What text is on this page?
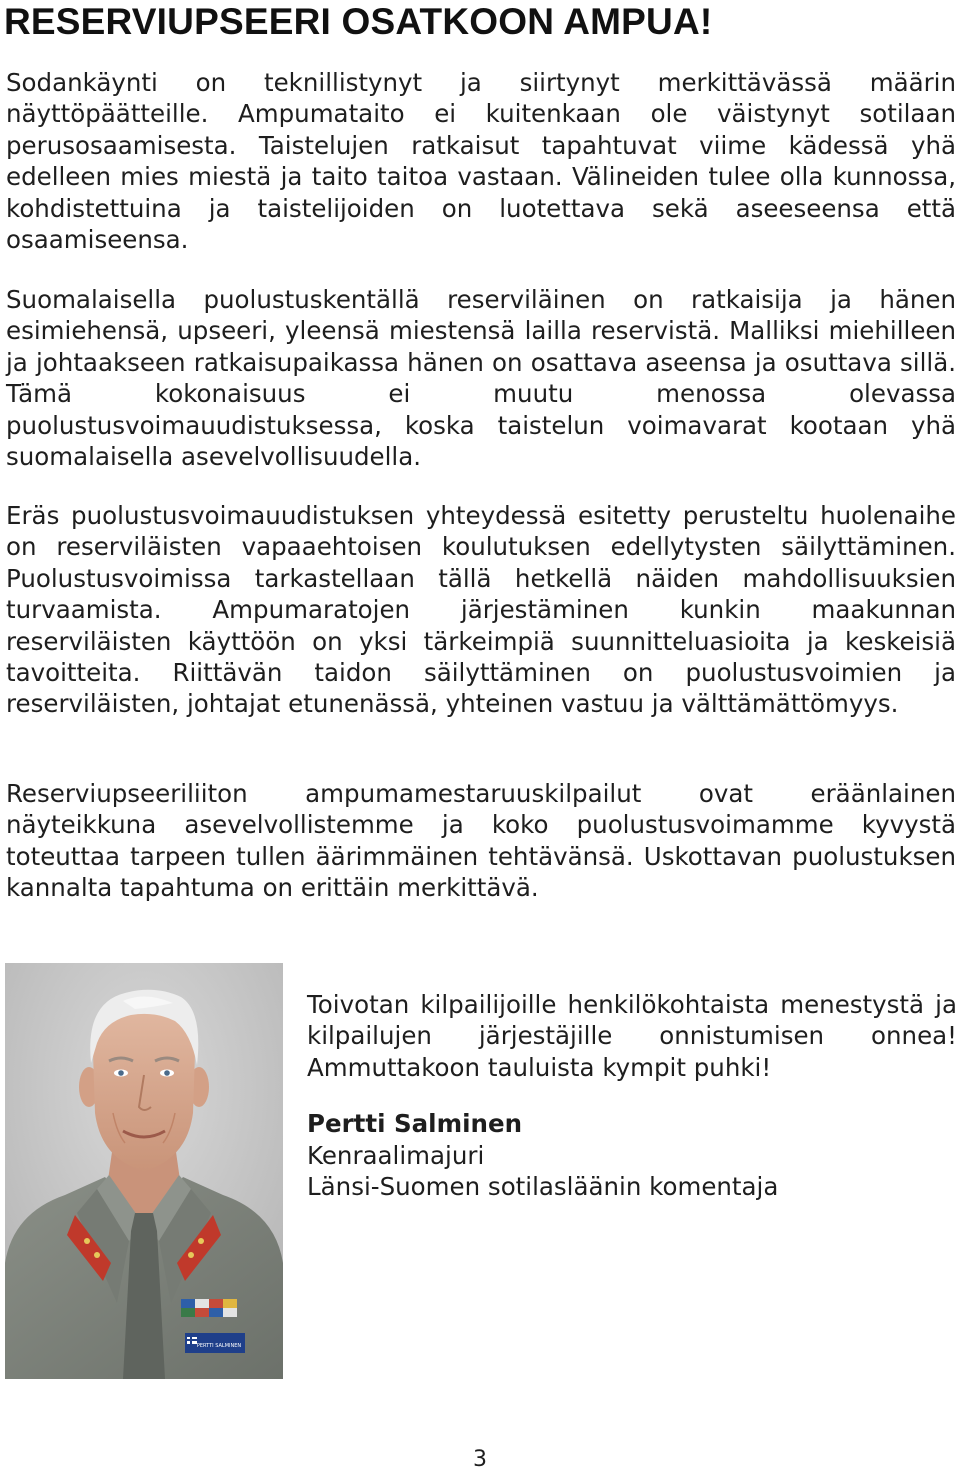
RESERVIUPSEERI OSATKOON AMPUA!

Sodankäynti on teknillistynyt ja siirtynyt merkittävässä määrin näyttöpäätteille. Ampumataito ei kuitenkaan ole väistynyt sotilaan perusosaamisesta. Taistelujen ratkaisut tapahtuvat viime kädessä yhä edelleen mies miestä ja taito taitoa vastaan. Välineiden tulee olla kunnossa, kohdistettuina ja taistelijoiden on luotettava sekä aseeseensa että osaamiseensa.

Suomalaisella puolustuskentällä reserviläinen on ratkaisija ja hänen esimiehensä, upseeri, yleensä miestensä lailla reservistä. Malliksi miehilleen ja johtaakseen ratkaisupaikassa hänen on osattava aseensa ja osuttava sillä. Tämä kokonaisuus ei muutu menossa olevassa puolustusvoimauudistuksessa, koska taistelun voimavarat kootaan yhä suomalaisella asevelvollisuudella.

Eräs puolustusvoimauudistuksen yhteydessä esitetty perusteltu huolenaihe on reserviläisten vapaaehtoisen koulutuksen edellytysten säilyttäminen. Puolustusvoimissa tarkastellaan tällä hetkellä näiden mahdollisuuksien turvaamista. Ampumaratojen järjestäminen kunkin maakunnan reserviläisten käyttöön on yksi tärkeimpiä suunnitteluasioita ja keskeisiä tavoitteita. Riittävän taidon säilyttäminen on puolustusvoimien ja reserviläisten, johtajat etunenässä, yhteinen vastuu ja välttämättömyys.

Reserviupseeriliiton ampumamestaruuskilpailut ovat eräänlainen näyteikkuna asevelvollistemme ja koko puolustusvoimamme kyvystä toteuttaa tarpeen tullen äärimmäinen tehtävänsä. Uskottavan puolustuksen kannalta tapahtuma on erittäin merkittävä.

PERTTI SALMINEN

Toivotan kilpailijoille henkilökohtaista menestystä ja kilpailujen järjestäjille onnistumisen onnea! Ammuttakoon tauluista kympit puhki!

Pertti Salminen

Kenraalimajuri

Länsi-Suomen sotilasläänin komentaja

3
